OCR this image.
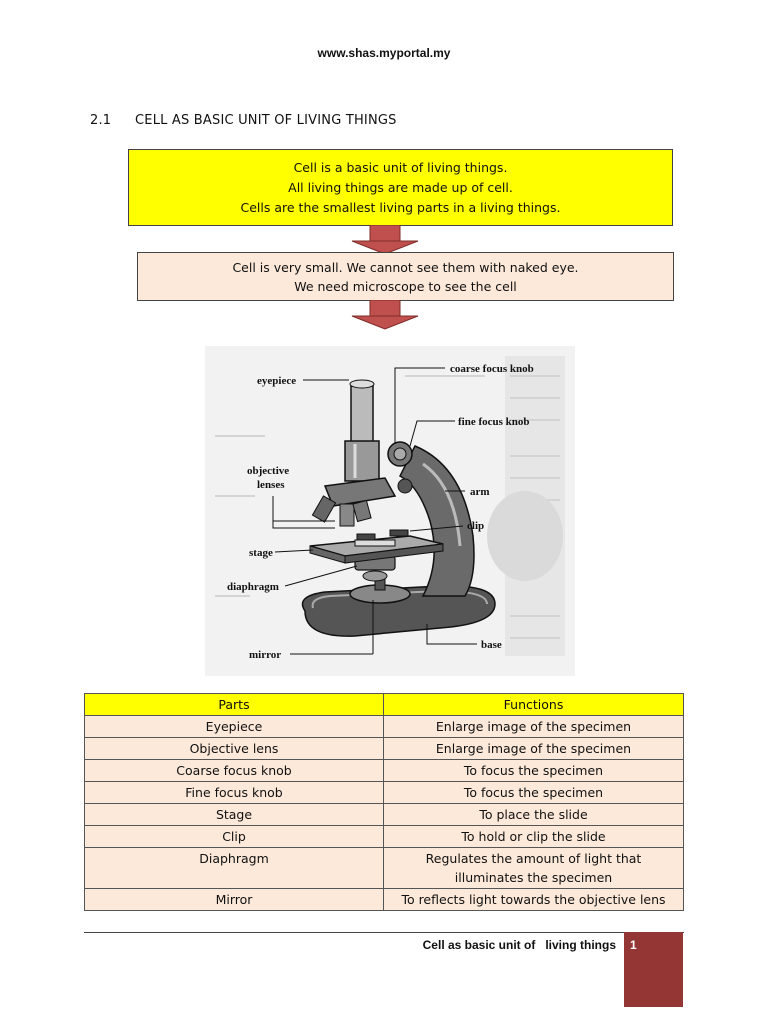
www.shas.myportal.my
2.1 CELL AS BASIC UNIT OF LIVING THINGS
Cell is a basic unit of living things.
All living things are made up of cell.
Cells are the smallest living parts in a living things.
Cell is very small. We cannot see them with naked eye.
We need microscope to see the cell
eyepiece
coarse focus knob
fine focus knob
objective
lenses
arm
clip
stage
diaphragm
mirror
base
Parts	Functions
Eyepiece	Enlarge image of the specimen
Objective lens	Enlarge image of the specimen
Coarse focus knob	To focus the specimen
Fine focus knob	To focus the specimen
Stage	To place the slide
Clip	To hold or clip the slide
Diaphragm	Regulates the amount of light that illuminates the specimen
Mirror	To reflects light towards the objective lens
Cell as basic unit of   living things	1
